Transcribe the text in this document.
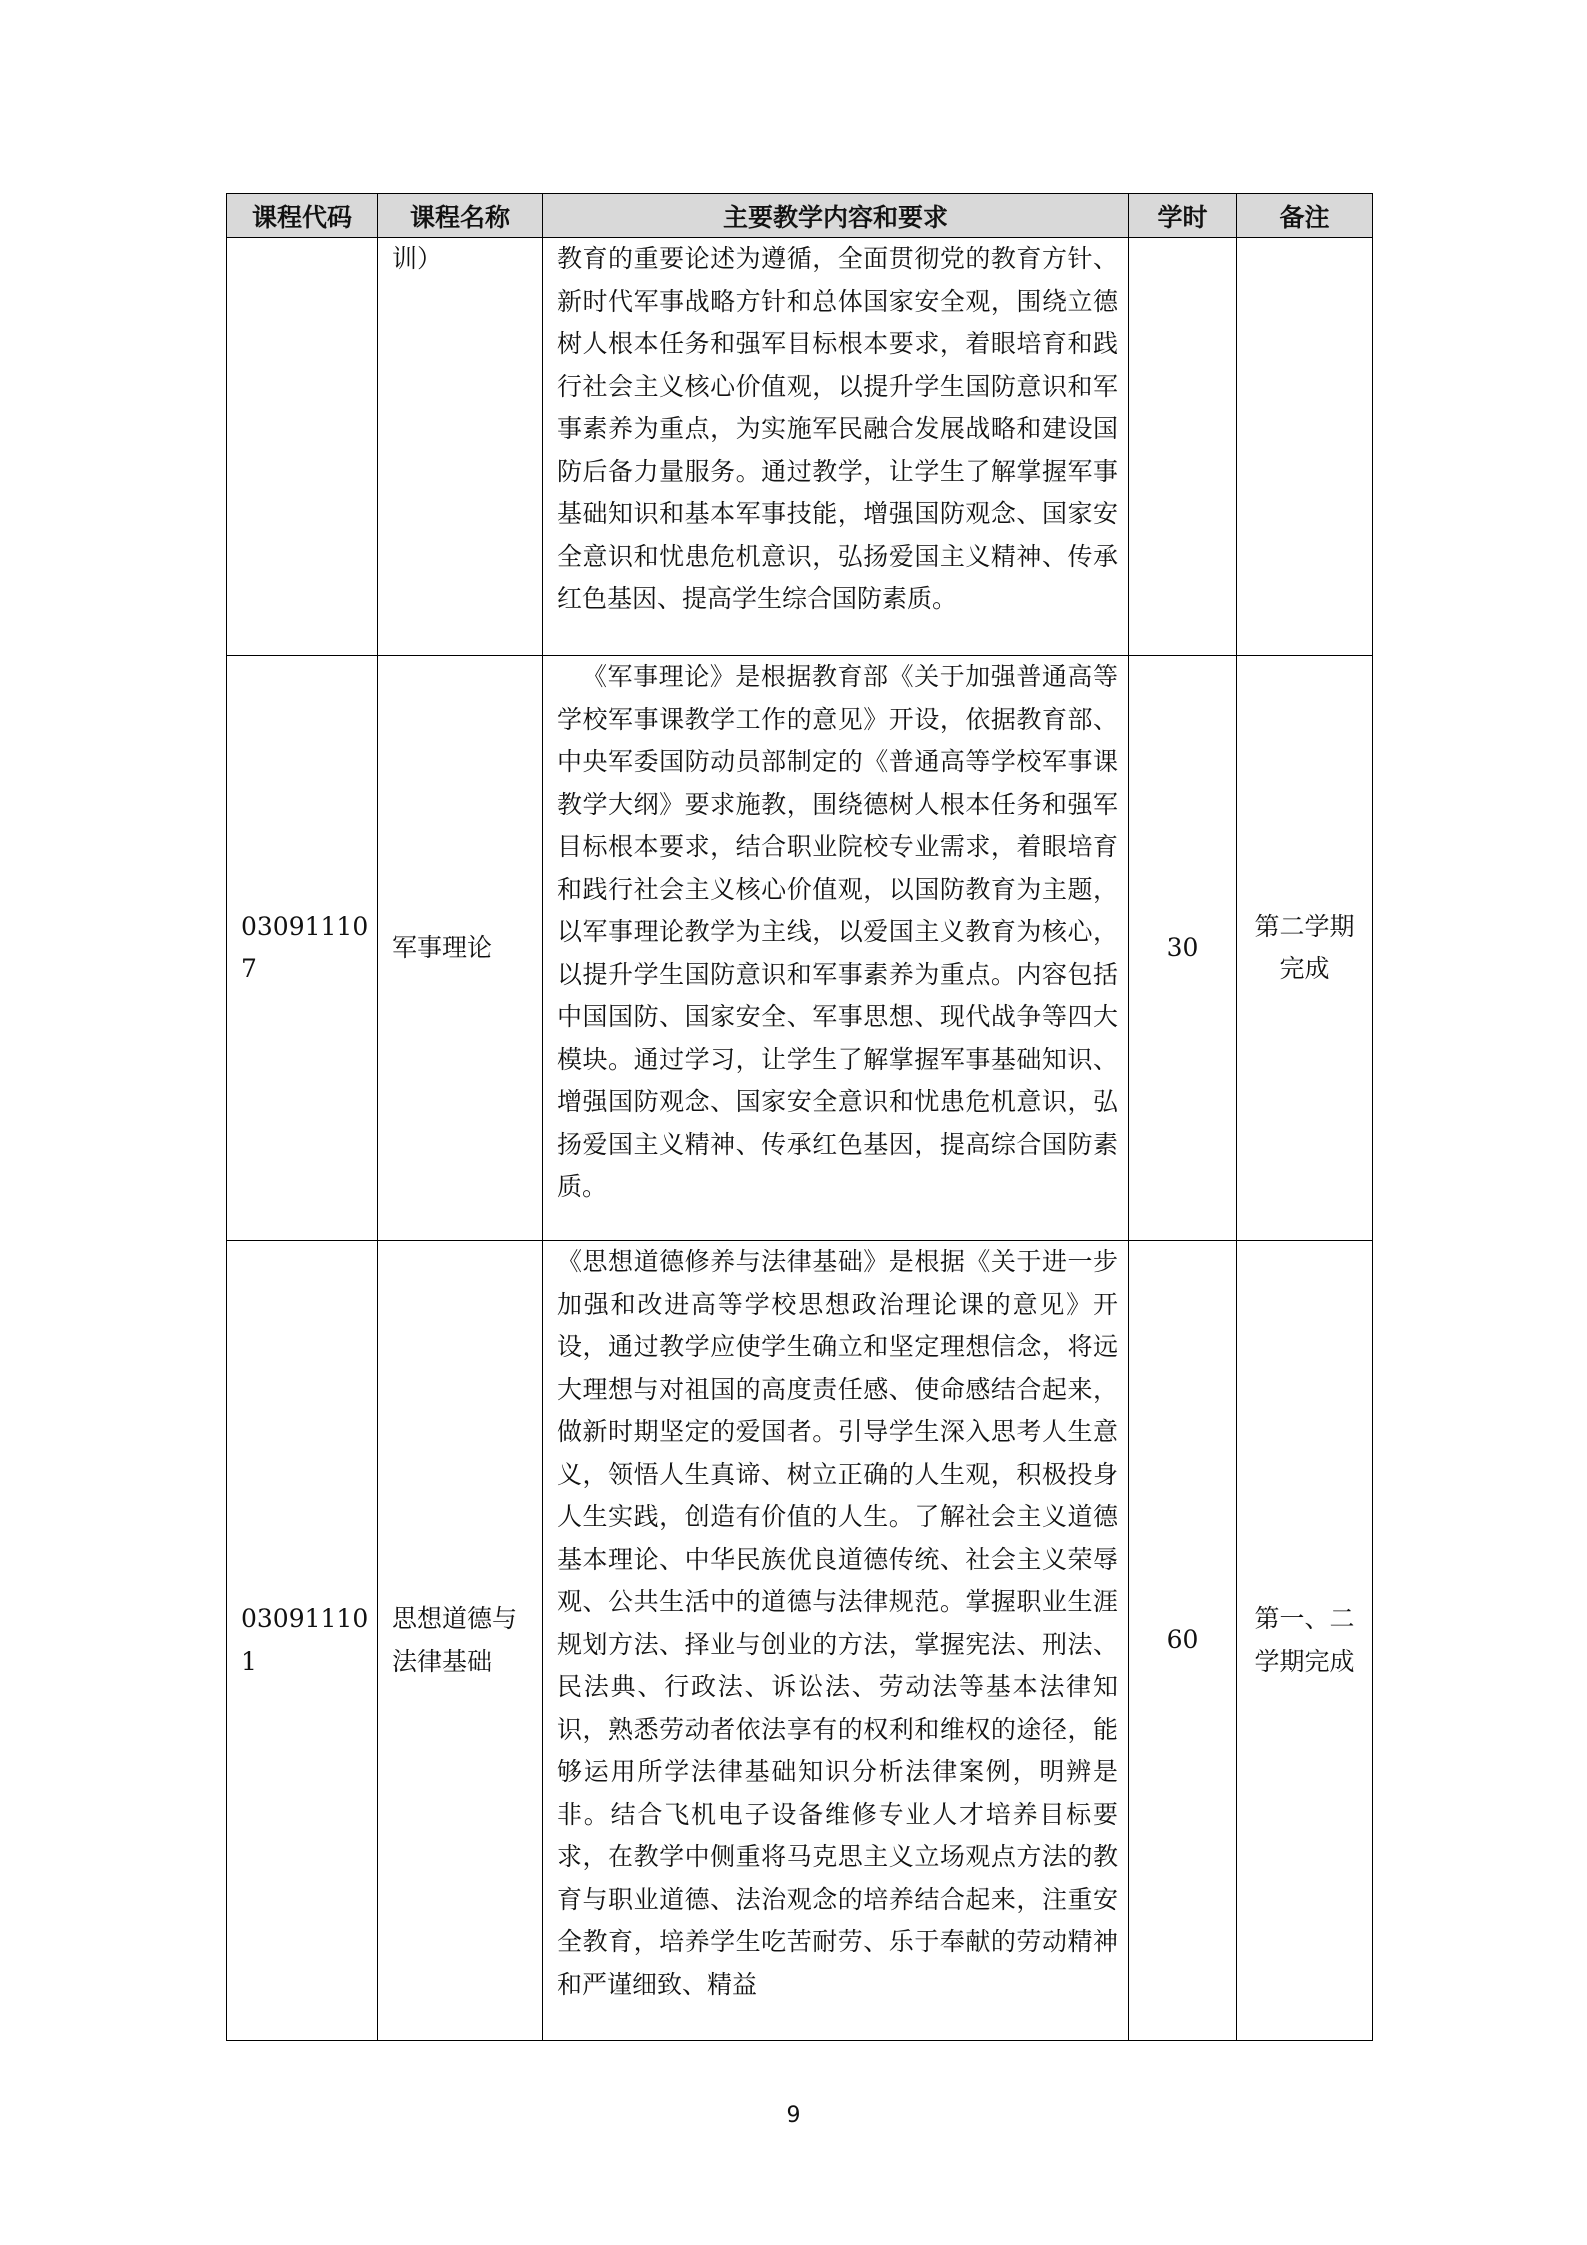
课程代码	课程名称	主要教学内容和要求	学时	备注
	训）	教育的重要论述为遵循，全面贯彻党的教育方针、新时代军事战略方针和总体国家安全观，围绕立德树人根本任务和强军目标根本要求，着眼培育和践行社会主义核心价值观，以提升学生国防意识和军事素养为重点，为实施军民融合发展战略和建设国防后备力量服务。通过教学，让学生了解掌握军事基础知识和基本军事技能，增强国防观念、国家安全意识和忧患危机意识，弘扬爱国主义精神、传承红色基因、提高学生综合国防素质。		

030911107	军事理论	《军事理论》是根据教育部《关于加强普通高等学校军事课教学工作的意见》开设，依据教育部、中央军委国防动员部制定的《普通高等学校军事课教学大纲》要求施教，围绕德树人根本任务和强军目标根本要求，结合职业院校专业需求，着眼培育和践行社会主义核心价值观，以国防教育为主题，以军事理论教学为主线，以爱国主义教育为核心，以提升学生国防意识和军事素养为重点。内容包括中国国防、国家安全、军事思想、现代战争等四大模块。通过学习，让学生了解掌握军事基础知识、增强国防观念、国家安全意识和忧患危机意识，弘扬爱国主义精神、传承红色基因，提高综合国防素质。	30	第二学期完成
030911101	思想道德与法律基础	《思想道德修养与法律基础》是根据《关于进一步加强和改进高等学校思想政治理论课的意见》开设，通过教学应使学生确立和坚定理想信念，将远大理想与对祖国的高度责任感、使命感结合起来，做新时期坚定的爱国者。引导学生深入思考人生意义，领悟人生真谛、树立正确的人生观，积极投身人生实践，创造有价值的人生。了解社会主义道德基本理论、中华民族优良道德传统、社会主义荣辱观、公共生活中的道德与法律规范。掌握职业生涯规划方法、择业与创业的方法，掌握宪法、刑法、民法典、行政法、诉讼法、劳动法等基本法律知识，熟悉劳动者依法享有的权利和维权的途径，能够运用所学法律基础知识分析法律案例，明辨是非。结合飞机电子设备维修专业人才培养目标要求，在教学中侧重将马克思主义立场观点方法的教育与职业道德、法治观念的培养结合起来，注重安全教育，培养学生吃苦耐劳、乐于奉献的劳动精神和严谨细致、精益	60	第一、二学期完成
9
